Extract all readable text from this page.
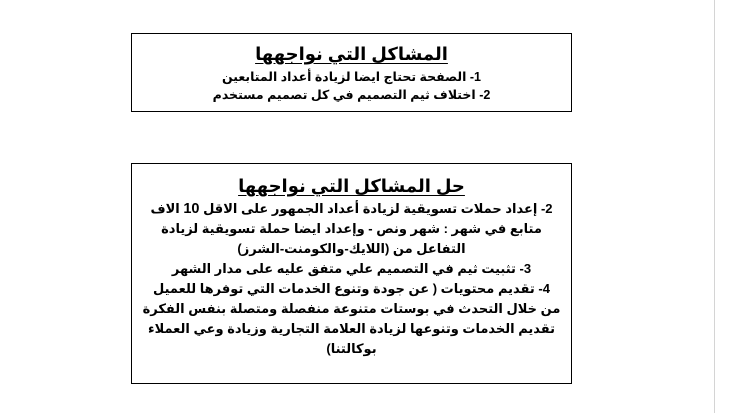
المشاكل التي نواجهها
1- الصفحة تحتاج ايضا لزيادة أعداد المتابعين
2- اختلاف ثيم التصميم في كل تصميم مستخدم
حل المشاكل التي نواجهها
2- إعداد حملات تسويقية لزيادة أعداد الجمهور على الاقل 10 الاف متابع في شهر : شهر ونص - وإعداد ايضا حملة تسويقية لزيادة التفاعل من (اللايك-والكومنت-الشرز)
3- تثبيت ثيم في التصميم علي متفق عليه على مدار الشهر
4- تقديم محتويات ( عن جودة وتنوع الخدمات التي توفرها للعميل من خلال التحدث في بوستات متنوعة منفصلة ومتصلة بنفس الفكرة تقديم الخدمات وتنوعها لزيادة العلامة التجارية وزيادة وعي العملاء بوكالتنا)
